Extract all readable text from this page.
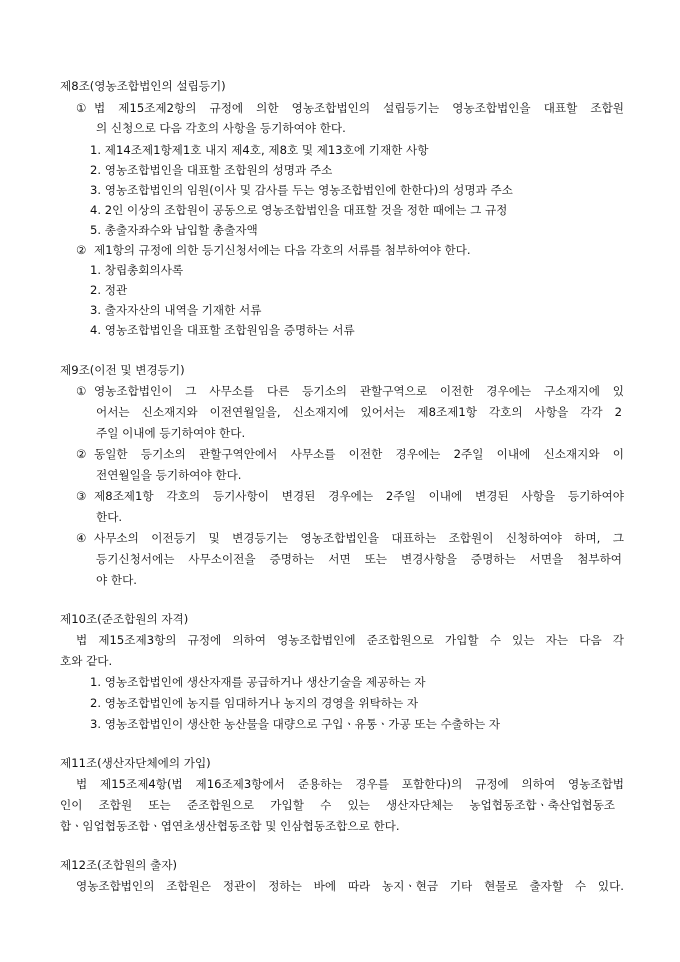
제8조(영농조합법인의 설립등기)
① 법 제15조제2항의 규정에 의한 영농조합법인의 설립등기는 영농조합법인을 대표할 조합원
의 신청으로 다음 각호의 사항을 등기하여야 한다.
1. 제14조제1항제1호 내지 제4호, 제8호 및 제13호에 기재한 사항
2. 영농조합법인을 대표할 조합원의 성명과 주소
3. 영농조합법인의 임원(이사 및 감사를 두는 영농조합법인에 한한다)의 성명과 주소
4. 2인 이상의 조합원이 공동으로 영농조합법인을 대표할 것을 정한 때에는 그 규정
5. 총출자좌수와 납입할 총출자액
② 제1항의 규정에 의한 등기신청서에는 다음 각호의 서류를 첨부하여야 한다.
1. 창립총회의사록
2. 정관
3. 출자자산의 내역을 기재한 서류
4. 영농조합법인을 대표할 조합원임을 증명하는 서류
제9조(이전 및 변경등기)
① 영농조합법인이 그 사무소를 다른 등기소의 관할구역으로 이전한 경우에는 구소재지에 있
어서는 신소재지와 이전연월일을, 신소재지에 있어서는 제8조제1항 각호의 사항을 각각 2
주일 이내에 등기하여야 한다.
② 동일한 등기소의 관할구역안에서 사무소를 이전한 경우에는 2주일 이내에 신소재지와 이
전연월일을 등기하여야 한다.
③ 제8조제1항 각호의 등기사항이 변경된 경우에는 2주일 이내에 변경된 사항을 등기하여야
한다.
④ 사무소의 이전등기 및 변경등기는 영농조합법인을 대표하는 조합원이 신청하여야 하며, 그
등기신청서에는 사무소이전을 증명하는 서면 또는 변경사항을 증명하는 서면을 첨부하여
야 한다.
제10조(준조합원의 자격)
법 제15조제3항의 규정에 의하여 영농조합법인에 준조합원으로 가입할 수 있는 자는 다음 각
호와 같다.
1. 영농조합법인에 생산자재를 공급하거나 생산기술을 제공하는 자
2. 영농조합법인에 농지를 임대하거나 농지의 경영을 위탁하는 자
3. 영농조합법인이 생산한 농산물을 대량으로 구입ㆍ유통ㆍ가공 또는 수출하는 자
제11조(생산자단체에의 가입)
법 제15조제4항(법 제16조제3항에서 준용하는 경우를 포함한다)의 규정에 의하여 영농조합법
인이 조합원 또는 준조합원으로 가입할 수 있는 생산자단체는 농업협동조합ㆍ축산업협동조
합ㆍ임업협동조합ㆍ엽연초생산협동조합 및 인삼협동조합으로 한다.
제12조(조합원의 출자)
영농조합법인의 조합원은 정관이 정하는 바에 따라 농지ㆍ현금 기타 현물로 출자할 수 있다.
